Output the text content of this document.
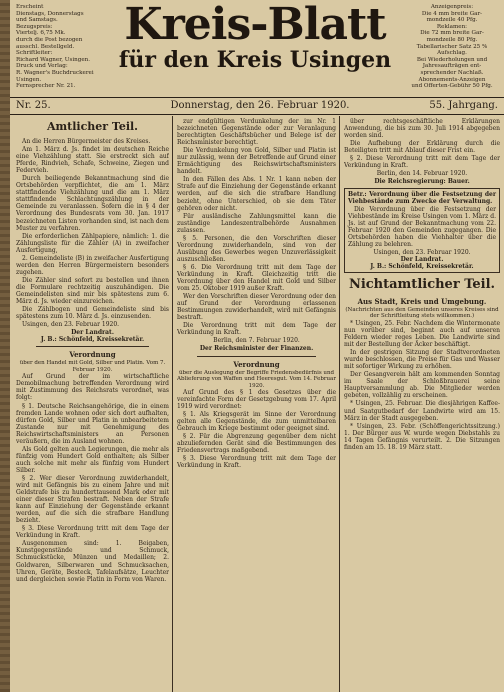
Erscheint

Dienstags, Donnerstags

und Samstags.

Bezugspreis:

Viertelj. 6,75 Mk.

durch die Post bezogen

ausschl. Bestellgeld.

Schriftleiter:

Richard Wagner, Usingen.

Druck und Verlag:

R. Wagner's Buchdruckerei

Usingen.

Fernsprecher Nr. 21.

Kreis-Blatt
für den Kreis Usingen

Anzeigenpreis:

Die 4 mm breite Gar-

mondzeile 40 Pfg.

Reklamen:

Die 72 mm breite Gar-

mondzeile 80 Pfg.

Tabellarischer Satz 25 %

Aufschlag.

Bei Wiederholungen und

Jahresaufträgen ent-

sprechender Nachlaß.

Abonnements-Anzeigen

und Offerten-Gebühr 50 Pfg.

Nr. 25.	Donnerstag, den 26. Februar 1920.	55. Jahrgang.
Amtlicher Teil.

An die Herren Bürgermeister des Kreises.

Am 1. März d. Js. findet im deutschen Reiche eine Viehzählung statt. Sie erstreckt sich auf Pferde, Rindvieh, Schafe, Schweine, Ziegen und Federvieh.

Durch beiliegende Bekanntmachung sind die Ortsbehörden verpflichtet, die am 1. März stattfindende Viehzählung und die am 1. März stattfindende Schlachtungszählung in der Gemeinde zu veranlassen. Sofern die in § 4 der Verordnung des Bundesrats vom 30. Jan. 1917 bezeichneten Listen vorhanden sind, ist nach dem Muster zu verfahren.

Die erforderlichen Zählpapiere, nämlich: 1. die Zählungsliste für die Zähler (A) in zweifacher Ausfertigung,

2. Gemeindeliste (B) in zweifacher Ausfertigung werden den Herren Bürgermeistern besonders zugehen.

Die Zähler sind sofort zu bestellen und ihnen die Formulare rechtzeitig auszuhändigen. Die Gemeindelisten sind mir bis spätestens zum 6. März d. Js. wieder einzureichen.

Die Zählbogen und Gemeindeliste sind bis spätestens zum 10. März d. Js. einzusenden.

Usingen, den 23. Februar 1920.

Der Landrat.
J. B.: Schönfeld, Kreissekretär.
Verordnung
über den Handel mit Gold, Silber und Platin. Vom 7. Februar 1920.

Auf Grund der im wirtschaftliche Demobilmachung betreffenden Verordnung wird mit Zustimmung des Reichsrats verordnet, was folgt:

§ 1. Deutsche Reichsangehörige, die in einem fremden Lande wohnen oder sich dort aufhalten, dürfen Gold, Silber und Platin in unbearbeitetem Zustande nur mit Genehmigung des Reichswirtschaftsministers an Personen veräußern, die im Ausland wohnen.

Als Gold gelten auch Legierungen, die mehr als fünfzig vom Hundert Gold enthalten; als Silber auch solche mit mehr als fünfzig vom Hundert Silber.

§ 2. Wer dieser Verordnung zuwiderhandelt, wird mit Gefängnis bis zu einem Jahre und mit Geldstrafe bis zu hunderttausend Mark oder mit einer dieser Strafen bestraft. Neben der Strafe kann auf Einziehung der Gegenstände erkannt werden, auf die sich die strafbare Handlung bezieht.

§ 3. Diese Verordnung tritt mit dem Tage der Verkündung in Kraft.

Ausgenommen sind: 1. Beigaben, Kunstgegenstände und Schmuck, Schmuckstücke, Münzen und Medaillen; 2. Goldwaren, Silberwaren und Schmucksachen, Uhren, Geräte, Besteck, Tafelaufsätze, Leuchter und dergleichen sowie Platin in Form von Waren.

zur endgültigen Verdunkelung der im Nr. 1 bezeichneten Gegenstände oder zur Veranlagung berechtigten Geschäftsbücher und Belege ist der Reichsminister berechtigt.

Die Verdunkelung von Gold, Silber und Platin ist nur zulässig, wenn der Betreffende auf Grund einer Ermächtigung des Reichswirtschaftsministers handelt.

In den Fällen des Abs. 1 Nr. 1 kann neben der Strafe auf die Einziehung der Gegenstände erkannt werden, auf die sich die strafbare Handlung bezieht, ohne Unterschied, ob sie dem Täter gehören oder nicht.

Für ausländische Zahlungsmittel kann die zuständige Landeszentralbehörde Ausnahmen zulassen.

§ 5. Personen, die den Vorschriften dieser Verordnung zuwiderhandeln, sind von der Ausübung des Gewerbes wegen Unzuverlässigkeit auszuschließen.

§ 6. Die Verordnung tritt mit dem Tage der Verkündung in Kraft. Gleichzeitig tritt die Verordnung über den Handel mit Gold und Silber vom 25. Oktober 1919 außer Kraft.

Wer den Vorschriften dieser Verordnung oder den auf Grund der Verordnung erlassenen Bestimmungen zuwiderhandelt, wird mit Gefängnis bestraft.

Die Verordnung tritt mit dem Tage der Verkündung in Kraft.

Berlin, den 7. Februar 1920.
Der Reichsminister der Finanzen.
Verordnung
über die Auslegung der Begriffe Friedensbedürfnis und Ablieferung von Waffen und Heeresgut. Vom 14. Februar 1920.

Auf Grund des § 1 des Gesetzes über die vereinfachte Form der Gesetzgebung vom 17. April 1919 wird verordnet:

§ 1. Als Kriegsgerät im Sinne der Verordnung gelten alle Gegenstände, die zum unmittelbaren Gebrauch im Kriege bestimmt oder geeignet sind.

§ 2. Für die Abgrenzung gegenüber dem nicht abzuliefernden Gerät sind die Bestimmungen des Friedensvertrags maßgebend.

§ 3. Diese Verordnung tritt mit dem Tage der Verkündung in Kraft.

über rechtsgeschäftliche Erklärungen Anwendung, die bis zum 30. Juli 1914 abgegeben worden sind.

Die Aufhebung der Erklärung durch die Beteiligten tritt mit Ablauf dieser Frist ein.

§ 2. Diese Verordnung tritt mit dem Tage der Verkündung in Kraft.

Berlin, den 14. Februar 1920.
Die Reichsregierung: Bauer.
Betr.: Verordnung über die Festsetzung der Viehbestände zum Zwecke der Verwaltung.

Die Verordnung über die Festsetzung der Viehbestände im Kreise Usingen vom 1. März d. Js. ist auf Grund der Bekanntmachung vom 22. Februar 1920 den Gemeinden zugegangen. Die Ortsbehörden haben die Viehhalter über die Zählung zu belehren.

Usingen, den 23. Februar 1920.
Der Landrat.
J. B.: Schönfeld, Kreissekretär.
Nichtamtlicher Teil.
Aus Stadt, Kreis und Umgebung.
(Nachrichten aus den Gemeinden unseres Kreises sind der Schriftleitung stets willkommen.)

* Usingen, 25. Febr. Nachdem die Wintermonate nun vorüber sind, beginnt auch auf unseren Feldern wieder reges Leben. Die Landwirte sind mit der Bestellung der Äcker beschäftigt.

In der gestrigen Sitzung der Stadtverordneten wurde beschlossen, die Preise für Gas und Wasser mit sofortiger Wirkung zu erhöhen.

Der Gesangverein hält am kommenden Sonntag im Saale der Schloßbrauerei seine Hauptversammlung ab. Die Mitglieder werden gebeten, vollzählig zu erscheinen.

* Usingen, 25. Februar. Die diesjährigen Kaffee- und Saatgutbedarf der Landwirte wird am 15. März in der Stadt ausgegeben.

* Usingen, 23. Febr. (Schöffengerichtssitzung.) 1. Der Bürger aus W. wurde wegen Diebstahls zu 14 Tagen Gefängnis verurteilt. 2. Die Sitzungen finden am 15. 18. 19 März statt.
